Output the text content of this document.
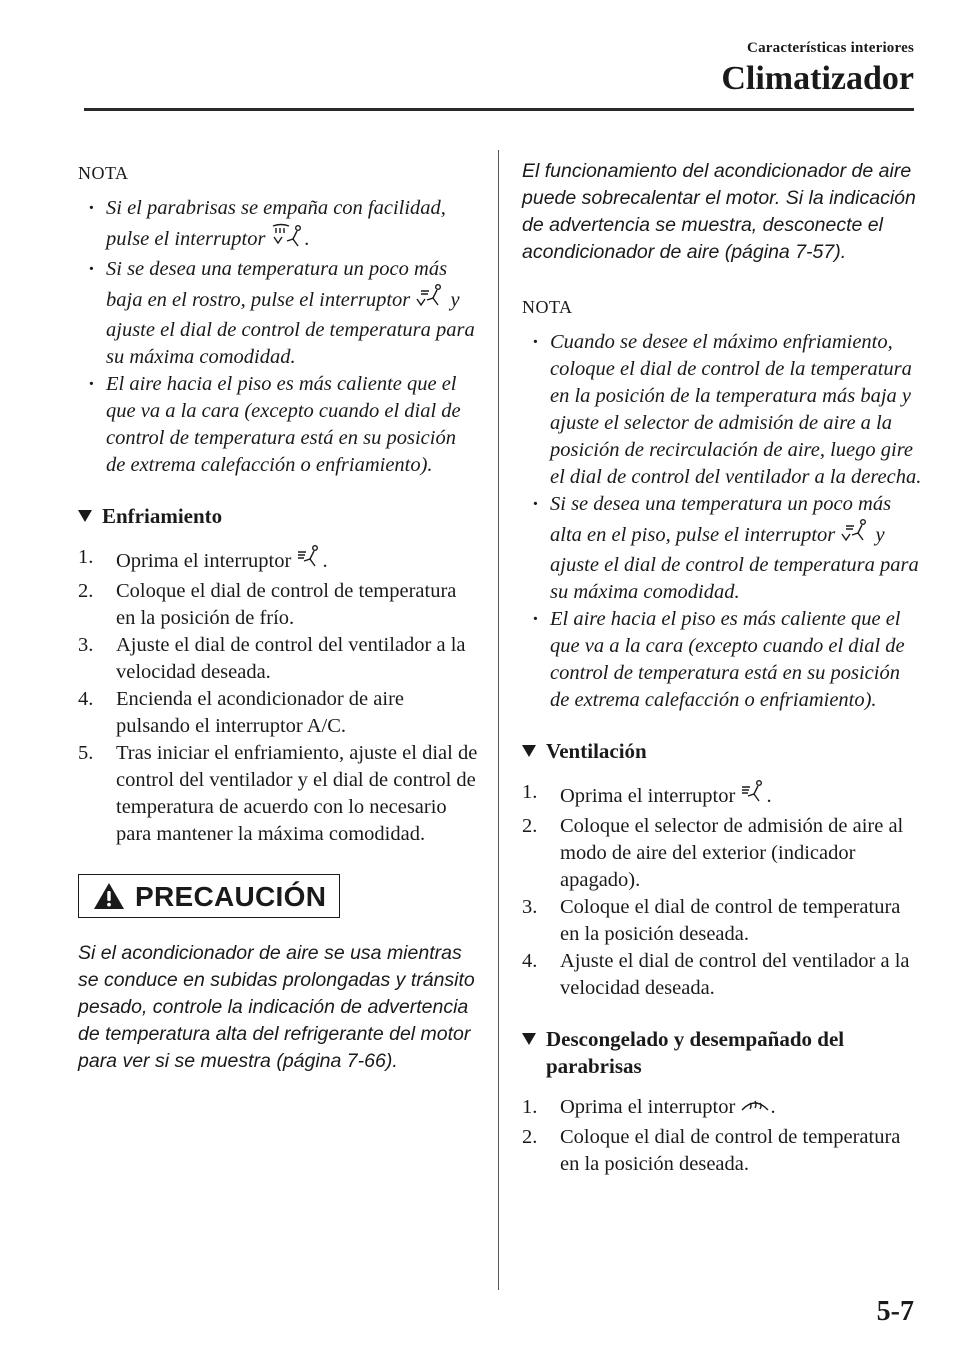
Características interiores
Climatizador
NOTA
· Si el parabrisas se empaña con facilidad, pulse el interruptor .
· Si se desea una temperatura un poco más baja en el rostro, pulse el interruptor  y ajuste el dial de control de temperatura para su máxima comodidad.
· El aire hacia el piso es más caliente que el que va a la cara (excepto cuando el dial de control de temperatura está en su posición de extrema calefacción o enfriamiento).
Enfriamiento
1. Oprima el interruptor .
2. Coloque el dial de control de temperatura en la posición de frío.
3. Ajuste el dial de control del ventilador a la velocidad deseada.
4. Encienda el acondicionador de aire pulsando el interruptor A/C.
5. Tras iniciar el enfriamiento, ajuste el dial de control del ventilador y el dial de control de temperatura de acuerdo con lo necesario para mantener la máxima comodidad.
PRECAUCIÓN

Si el acondicionador de aire se usa mientras se conduce en subidas prolongadas y tránsito pesado, controle la indicación de advertencia de temperatura alta del refrigerante del motor para ver si se muestra (página 7-66).

El funcionamiento del acondicionador de aire puede sobrecalentar el motor. Si la indicación de advertencia se muestra, desconecte el acondicionador de aire (página 7-57).

NOTA
· Cuando se desee el máximo enfriamiento, coloque el dial de control de la temperatura en la posición de la temperatura más baja y ajuste el selector de admisión de aire a la posición de recirculación de aire, luego gire el dial de control del ventilador a la derecha.
· Si se desea una temperatura un poco más alta en el piso, pulse el interruptor  y ajuste el dial de control de temperatura para su máxima comodidad.
· El aire hacia el piso es más caliente que el que va a la cara (excepto cuando el dial de control de temperatura está en su posición de extrema calefacción o enfriamiento).
Ventilación
1. Oprima el interruptor .
2. Coloque el selector de admisión de aire al modo de aire del exterior (indicador apagado).
3. Coloque el dial de control de temperatura en la posición deseada.
4. Ajuste el dial de control del ventilador a la velocidad deseada.
Descongelado y desempañado del parabrisas
1. Oprima el interruptor .
2. Coloque el dial de control de temperatura en la posición deseada.
5-7
